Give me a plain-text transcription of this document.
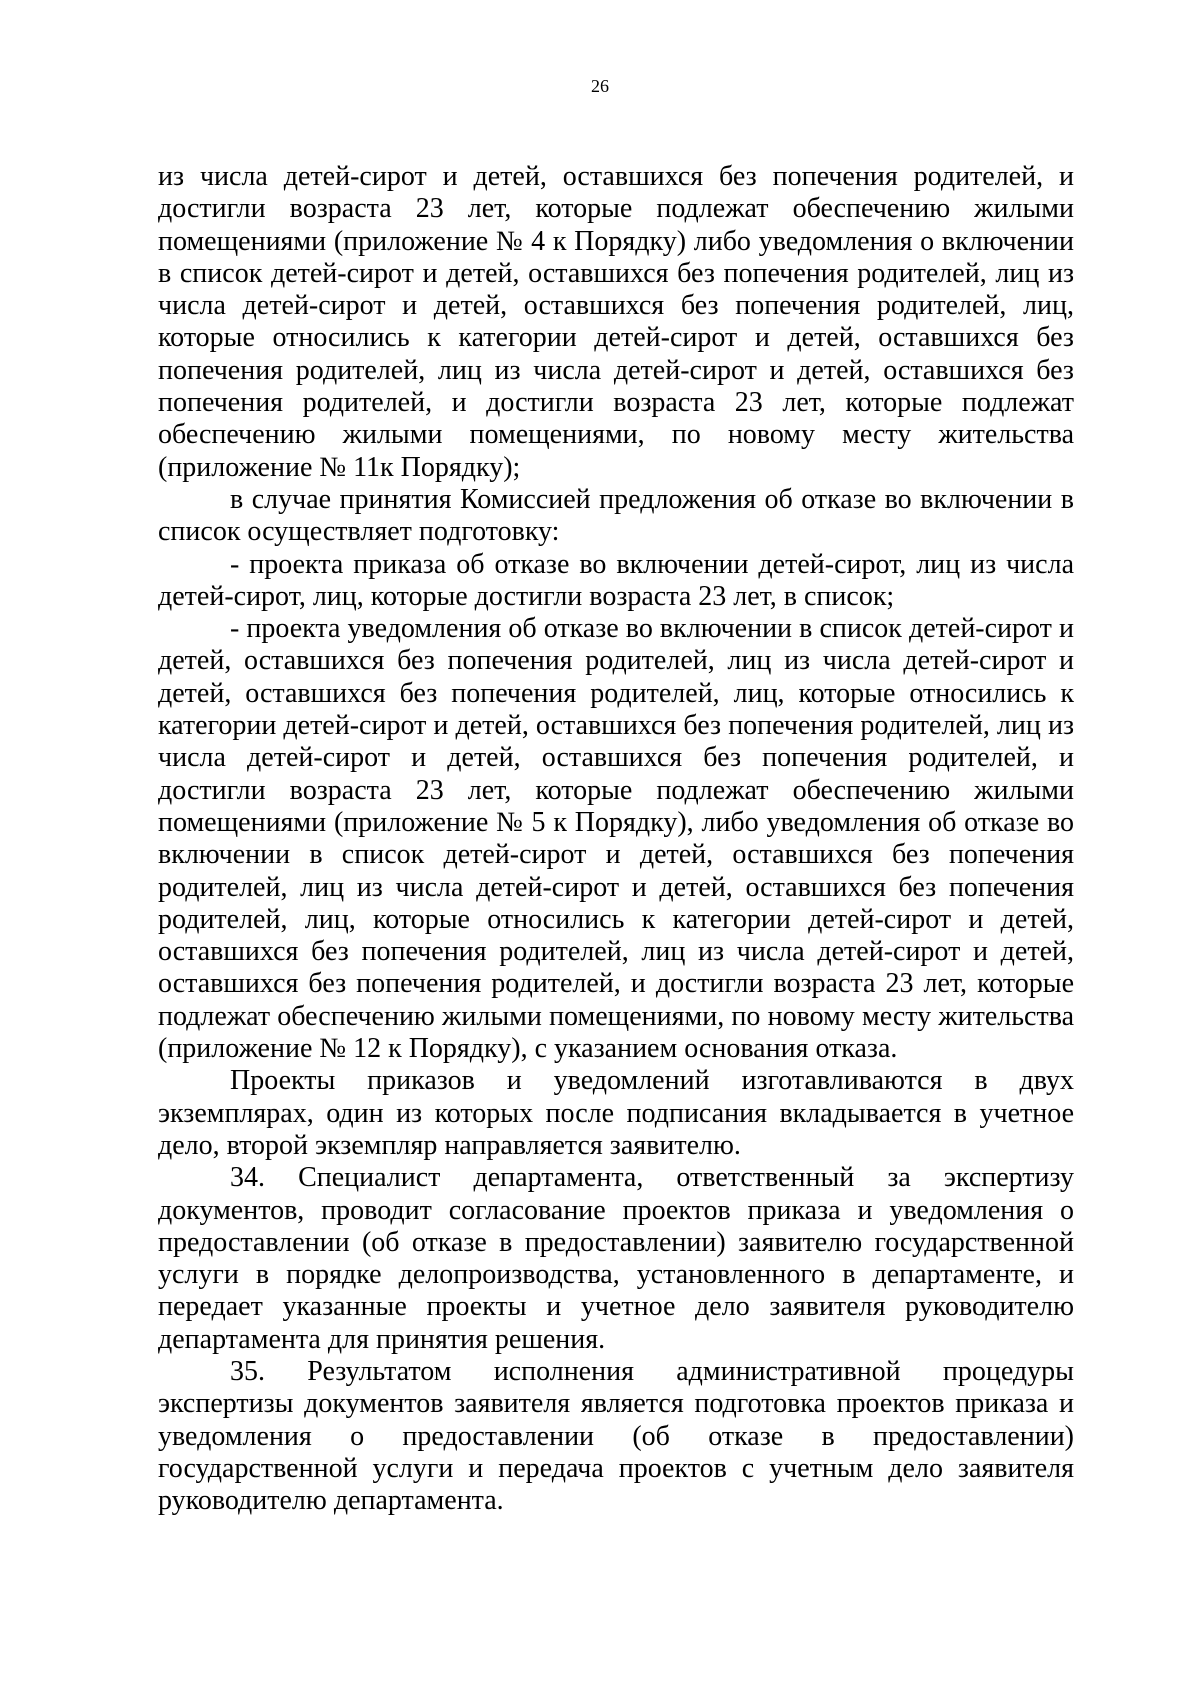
26

из числа детей-сирот и детей, оставшихся без попечения родителей, и достигли возраста 23 лет, которые подлежат обеспечению жилыми помещениями (приложение № 4 к Порядку) либо уведомления о включении в список детей-сирот и детей, оставшихся без попечения родителей, лиц из числа детей-сирот и детей, оставшихся без попечения родителей, лиц, которые относились к категории детей-сирот и детей, оставшихся без попечения родителей, лиц из числа детей-сирот и детей, оставшихся без попечения родителей, и достигли возраста 23 лет, которые подлежат обеспечению жилыми помещениями, по новому месту жительства (приложение № 11к Порядку);

в случае принятия Комиссией предложения об отказе во включении в список осуществляет подготовку:

- проекта приказа об отказе во включении детей-сирот, лиц из числа детей-сирот, лиц, которые достигли возраста 23 лет, в список;

- проекта уведомления об отказе во включении в список детей-сирот и детей, оставшихся без попечения родителей, лиц из числа детей-сирот и детей, оставшихся без попечения родителей, лиц, которые относились к категории детей-сирот и детей, оставшихся без попечения родителей, лиц из числа детей-сирот и детей, оставшихся без попечения родителей, и достигли возраста 23 лет, которые подлежат обеспечению жилыми помещениями (приложение № 5 к Порядку), либо уведомления об отказе во включении в список детей-сирот и детей, оставшихся без попечения родителей, лиц из числа детей-сирот и детей, оставшихся без попечения родителей, лиц, которые относились к категории детей-сирот и детей, оставшихся без попечения родителей, лиц из числа детей-сирот и детей, оставшихся без попечения родителей, и достигли возраста 23 лет, которые подлежат обеспечению жилыми помещениями, по новому месту жительства (приложение № 12 к Порядку), с указанием основания отказа.

Проекты приказов и уведомлений изготавливаются в двух экземплярах, один из которых после подписания вкладывается в учетное дело, второй экземпляр направляется заявителю.

34. Специалист департамента, ответственный за экспертизу документов, проводит согласование проектов приказа и уведомления о предоставлении (об отказе в предоставлении) заявителю государственной услуги в порядке делопроизводства, установленного в департаменте, и передает указанные проекты и учетное дело заявителя руководителю департамента для принятия решения.

35. Результатом исполнения административной процедуры экспертизы документов заявителя является подготовка проектов приказа и уведомления о предоставлении (об отказе в предоставлении) государственной услуги и передача проектов с учетным дело заявителя руководителю департамента.
